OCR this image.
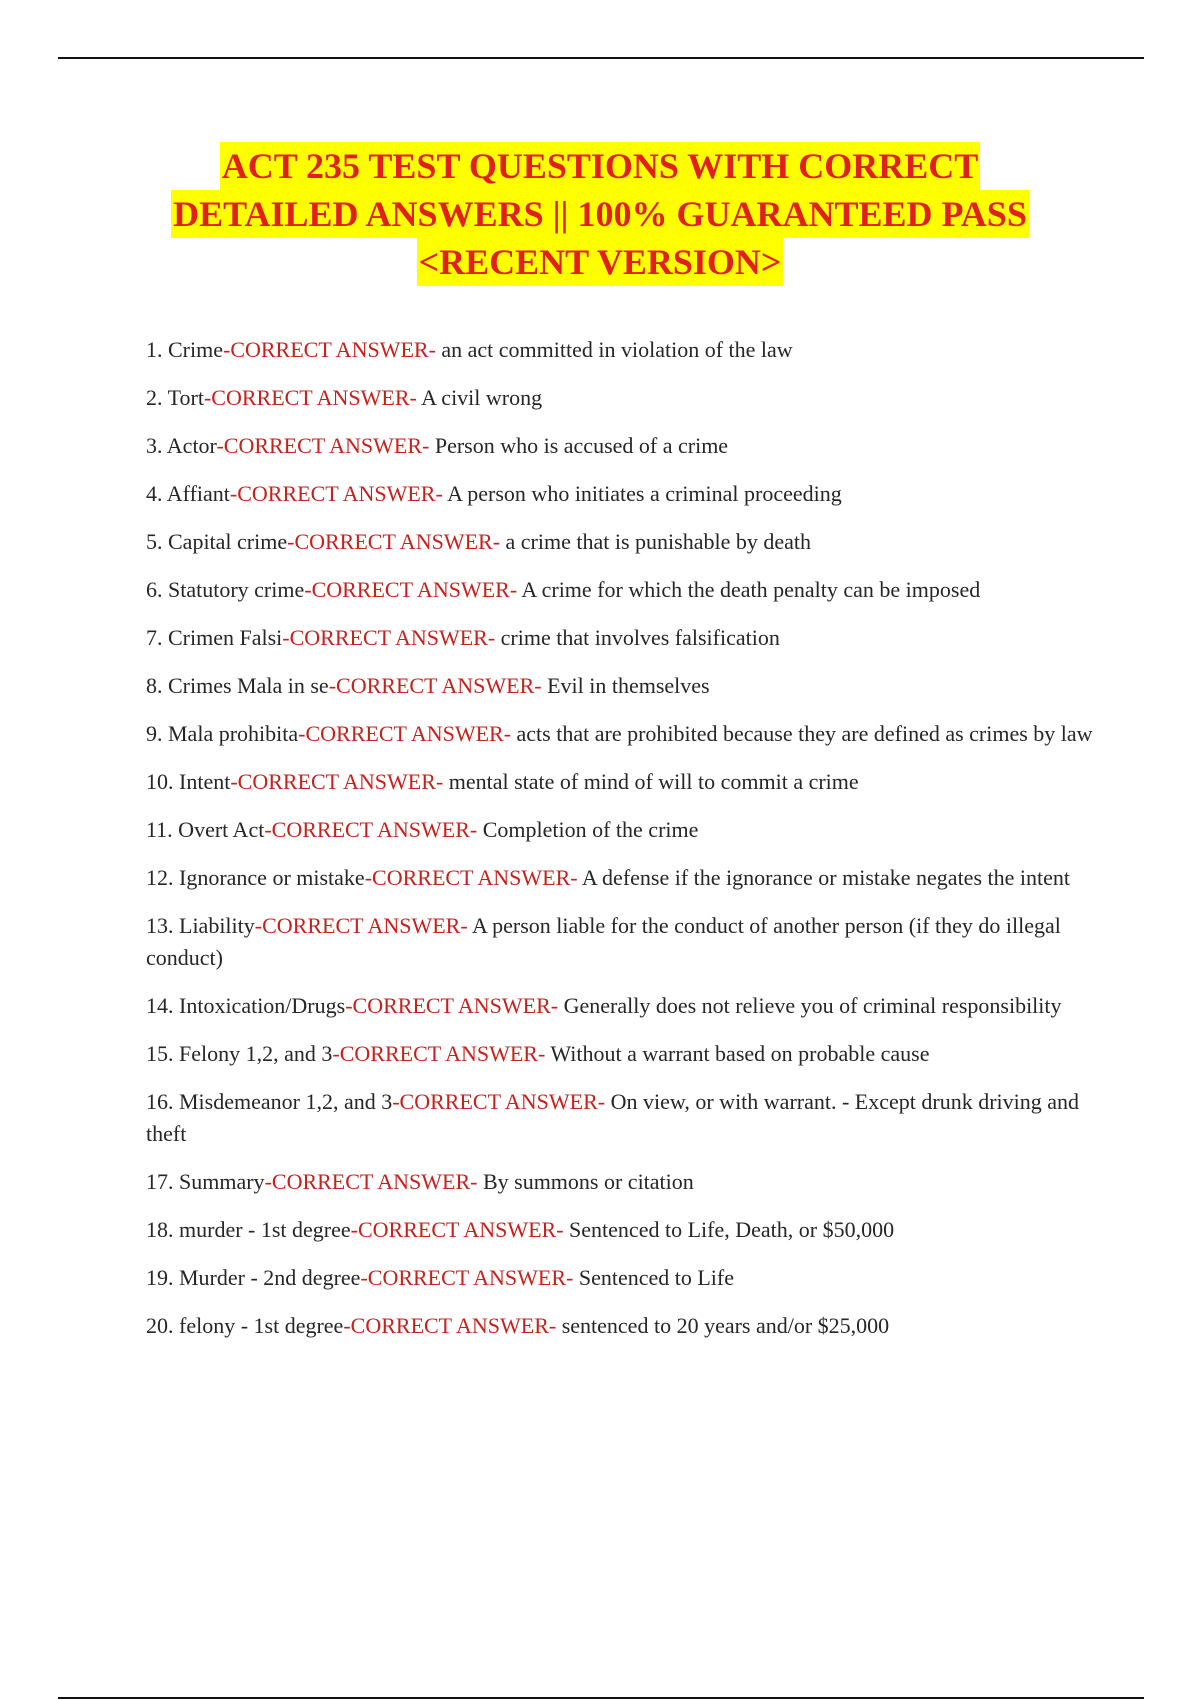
ACT 235 TEST QUESTIONS WITH CORRECT
DETAILED ANSWERS || 100% GUARANTEED PASS
<RECENT VERSION>
1. Crime-CORRECT ANSWER- an act committed in violation of the law
2. Tort-CORRECT ANSWER- A civil wrong
3. Actor-CORRECT ANSWER- Person who is accused of a crime
4. Affiant-CORRECT ANSWER- A person who initiates a criminal proceeding
5. Capital crime-CORRECT ANSWER- a crime that is punishable by death
6. Statutory crime-CORRECT ANSWER- A crime for which the death penalty can be imposed
7. Crimen Falsi-CORRECT ANSWER- crime that involves falsification
8. Crimes Mala in se-CORRECT ANSWER- Evil in themselves
9. Mala prohibita-CORRECT ANSWER- acts that are prohibited because they are defined as crimes by law
10. Intent-CORRECT ANSWER- mental state of mind of will to commit a crime
11. Overt Act-CORRECT ANSWER- Completion of the crime
12. Ignorance or mistake-CORRECT ANSWER- A defense if the ignorance or mistake negates the intent
13. Liability-CORRECT ANSWER- A person liable for the conduct of another person (if they do illegal conduct)
14. Intoxication/Drugs-CORRECT ANSWER- Generally does not relieve you of criminal responsibility
15. Felony 1,2, and 3-CORRECT ANSWER- Without a warrant based on probable cause
16. Misdemeanor 1,2, and 3-CORRECT ANSWER- On view, or with warrant. - Except drunk driving and theft
17. Summary-CORRECT ANSWER- By summons or citation
18. murder - 1st degree-CORRECT ANSWER- Sentenced to Life, Death, or $50,000
19. Murder - 2nd degree-CORRECT ANSWER- Sentenced to Life
20. felony - 1st degree-CORRECT ANSWER- sentenced to 20 years and/or $25,000
